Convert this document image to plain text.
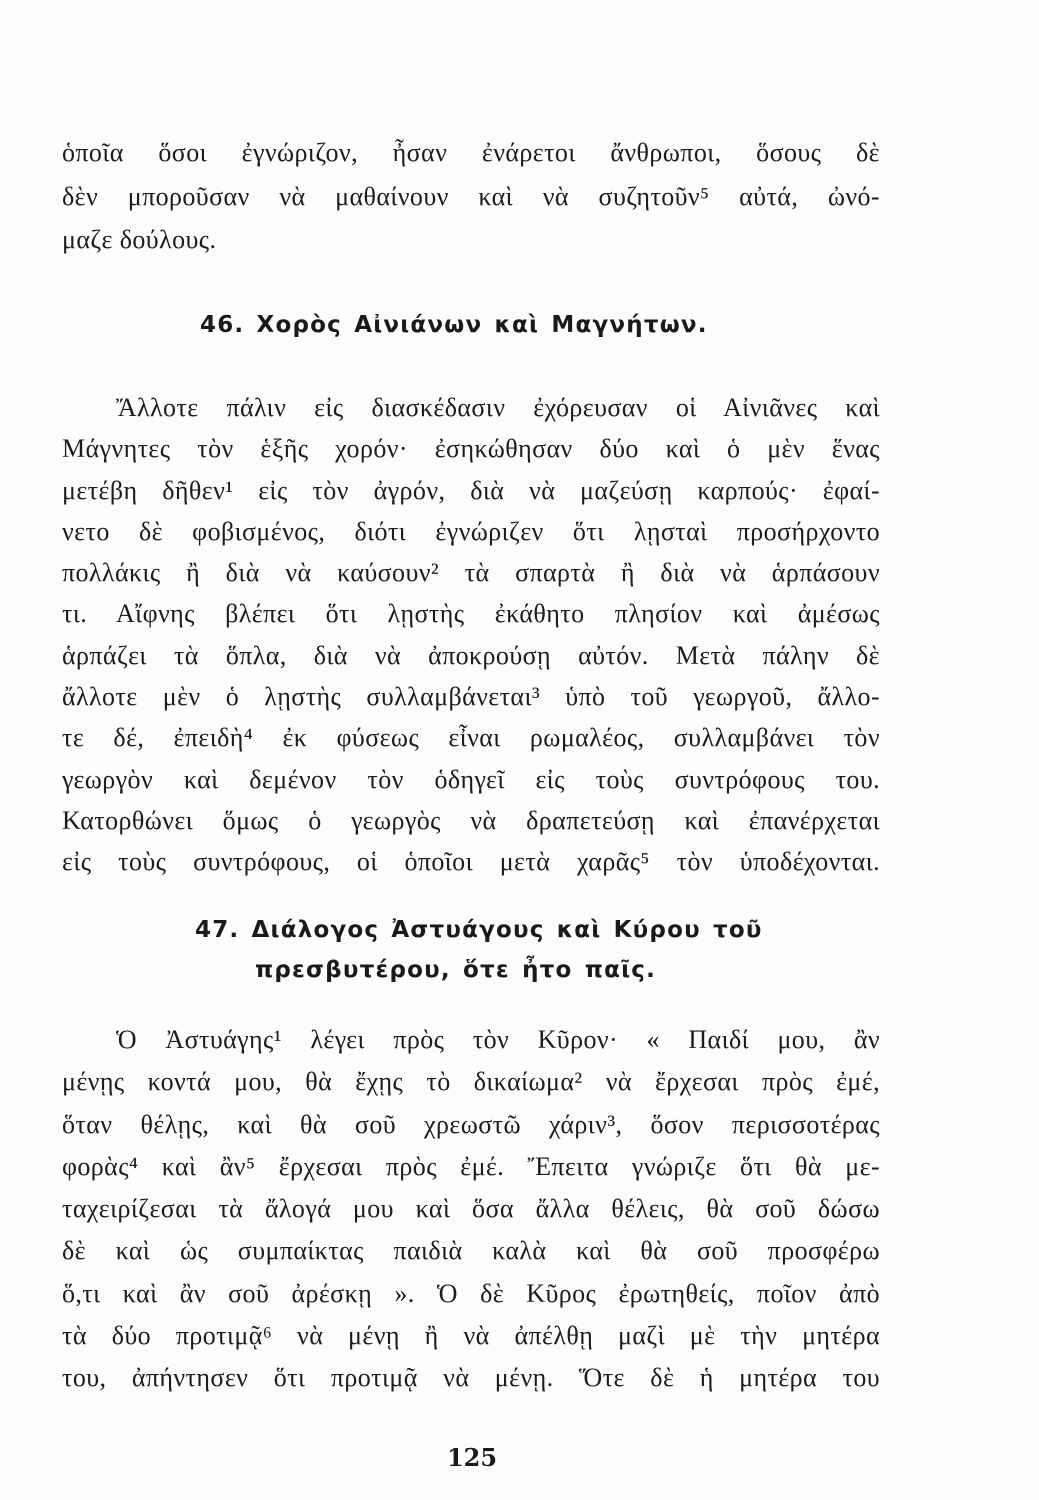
ὁποῖα ὅσοι ἐγνώριζον, ἦσαν ἐνάρετοι ἄνθρωποι, ὅσους δὲ
δὲν μποροῦσαν νὰ μαθαίνουν καὶ νὰ συζητοῦν⁵ αὐτά, ὠνό-
μαζε δούλους.
46. Χορὸς Αἰνιάνων καὶ Μαγνήτων.
Ἄλλοτε πάλιν εἰς διασκέδασιν ἐχόρευσαν οἱ Αἰνιᾶνες καὶ
Μάγνητες τὸν ἑξῆς χορόν· ἐσηκώθησαν δύο καὶ ὁ μὲν ἕνας
μετέβη δῆθεν¹ εἰς τὸν ἀγρόν, διὰ νὰ μαζεύσῃ καρπούς· ἐφαί-
νετο δὲ φοβισμένος, διότι ἐγνώριζεν ὅτι λῃσταὶ προσήρχοντο
πολλάκις ἢ διὰ νὰ καύσουν² τὰ σπαρτὰ ἢ διὰ νὰ ἁρπάσουν
τι. Αἴφνης βλέπει ὅτι λῃστὴς ἐκάθητο πλησίον καὶ ἀμέσως
ἁρπάζει τὰ ὅπλα, διὰ νὰ ἀποκρούσῃ αὐτόν. Μετὰ πάλην δὲ
ἄλλοτε μὲν ὁ λῃστὴς συλλαμβάνεται³ ὑπὸ τοῦ γεωργοῦ, ἄλλο-
τε δέ, ἐπειδὴ⁴ ἐκ φύσεως εἶναι ρωμαλέος, συλλαμβάνει τὸν
γεωργὸν καὶ δεμένον τὸν ὁδηγεῖ εἰς τοὺς συντρόφους του.
Κατορθώνει ὅμως ὁ γεωργὸς νὰ δραπετεύσῃ καὶ ἐπανέρχεται
εἰς τοὺς συντρόφους, οἱ ὁποῖοι μετὰ χαρᾶς⁵ τὸν ὑποδέχονται.
47. Διάλογος Ἀστυάγους καὶ Κύρου τοῦ
πρεσβυτέρου, ὅτε ἦτο παῖς.
Ὁ Ἀστυάγης¹ λέγει πρὸς τὸν Κῦρον· « Παιδί μου, ἂν
μένῃς κοντά μου, θὰ ἔχῃς τὸ δικαίωμα² νὰ ἔρχεσαι πρὸς ἐμέ,
ὅταν θέλῃς, καὶ θὰ σοῦ χρεωστῶ χάριν³, ὅσον περισσοτέρας
φορὰς⁴ καὶ ἂν⁵ ἔρχεσαι πρὸς ἐμέ. Ἔπειτα γνώριζε ὅτι θὰ με-
ταχειρίζεσαι τὰ ἄλογά μου καὶ ὅσα ἄλλα θέλεις, θὰ σοῦ δώσω
δὲ καὶ ὡς συμπαίκτας παιδιὰ καλὰ καὶ θὰ σοῦ προσφέρω
ὅ,τι καὶ ἂν σοῦ ἀρέσκῃ ». Ὁ δὲ Κῦρος ἐρωτηθείς, ποῖον ἀπὸ
τὰ δύο προτιμᾷ⁶ νὰ μένῃ ἢ νὰ ἀπέλθῃ μαζὶ μὲ τὴν μητέρα
του, ἀπήντησεν ὅτι προτιμᾷ νὰ μένῃ. Ὅτε δὲ ἡ μητέρα του
125
